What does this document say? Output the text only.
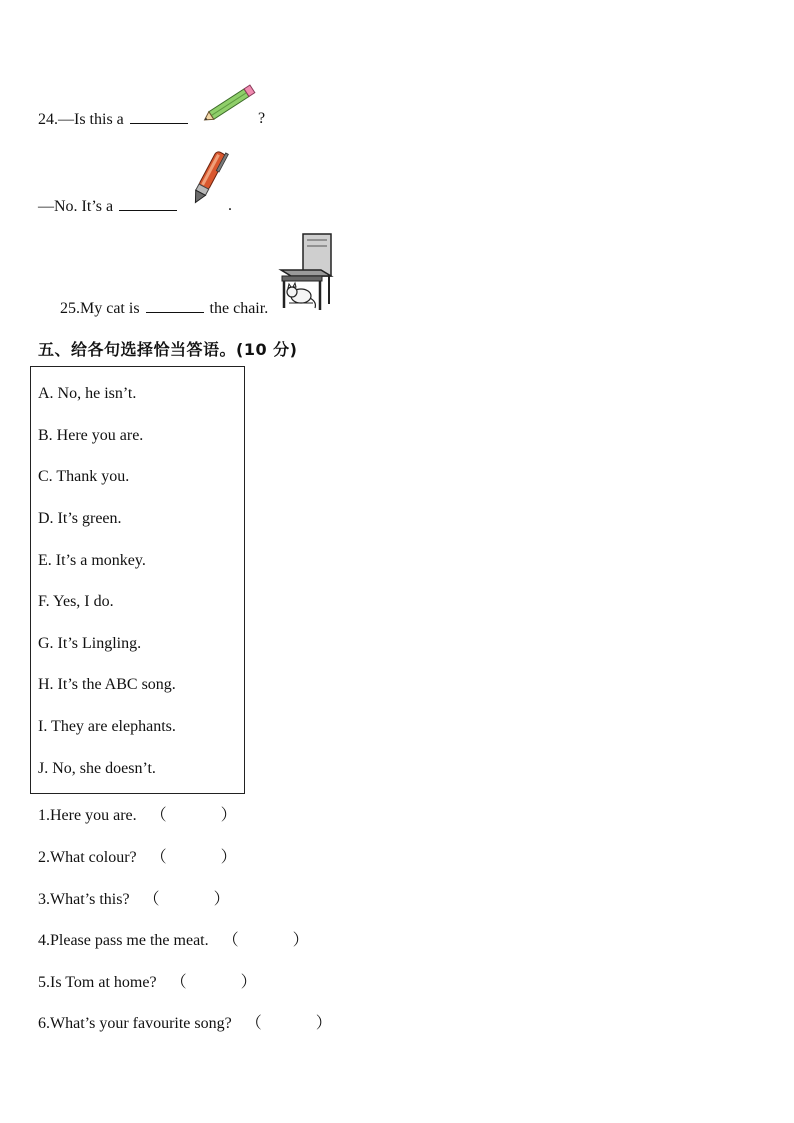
24.—Is this a	?
—No. It’s a	.
25.My cat is	the chair.
五、给各句选择恰当答语。(10 分)
A. No, he isn’t.
B. Here you are.
C. Thank you.
D. It’s green.
E. It’s a monkey.
F. Yes, I do.
G. It’s Lingling.
H. It’s the ABC song.
I. They are elephants.
J. No, she doesn’t.
1.Here you are. （	）
2.What colour? （	）
3.What’s this? （	）
4.Please pass me the meat. （	）
5.Is Tom at home? （	）
6.What’s your favourite song? （	）
